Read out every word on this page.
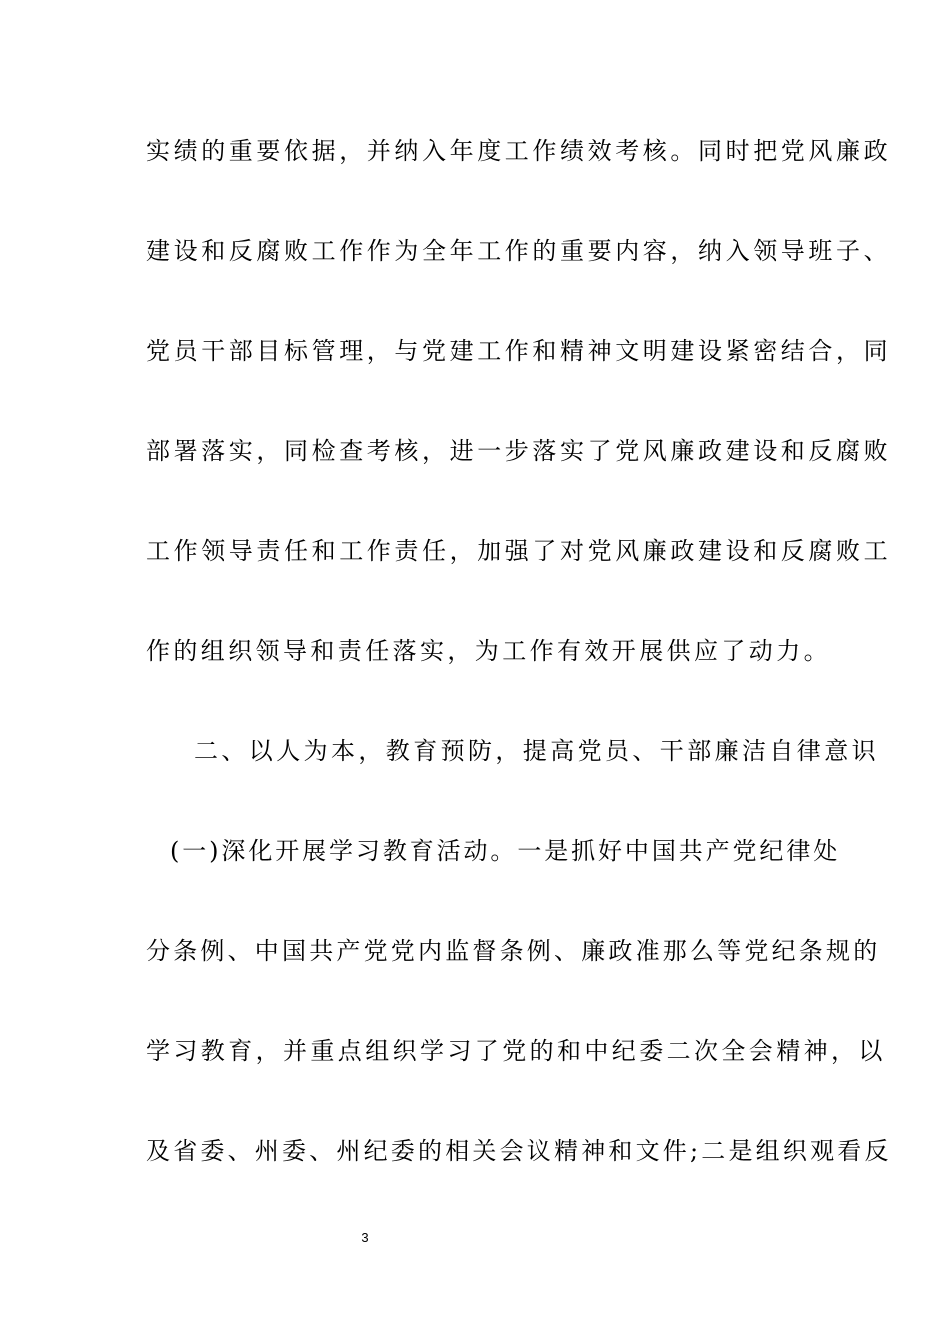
实绩的重要依据，并纳入年度工作绩效考核。同时把党风廉政
建设和反腐败工作作为全年工作的重要内容，纳入领导班子、
党员干部目标管理，与党建工作和精神文明建设紧密结合，同
部署落实，同检查考核，进一步落实了党风廉政建设和反腐败
工作领导责任和工作责任，加强了对党风廉政建设和反腐败工
作的组织领导和责任落实，为工作有效开展供应了动力。
二、以人为本，教育预防，提高党员、干部廉洁自律意识
(一)深化开展学习教育活动。一是抓好中国共产党纪律处
分条例、中国共产党党内监督条例、廉政准那么等党纪条规的
学习教育，并重点组织学习了党的和中纪委二次全会精神，以
及省委、州委、州纪委的相关会议精神和文件;二是组织观看反
3
